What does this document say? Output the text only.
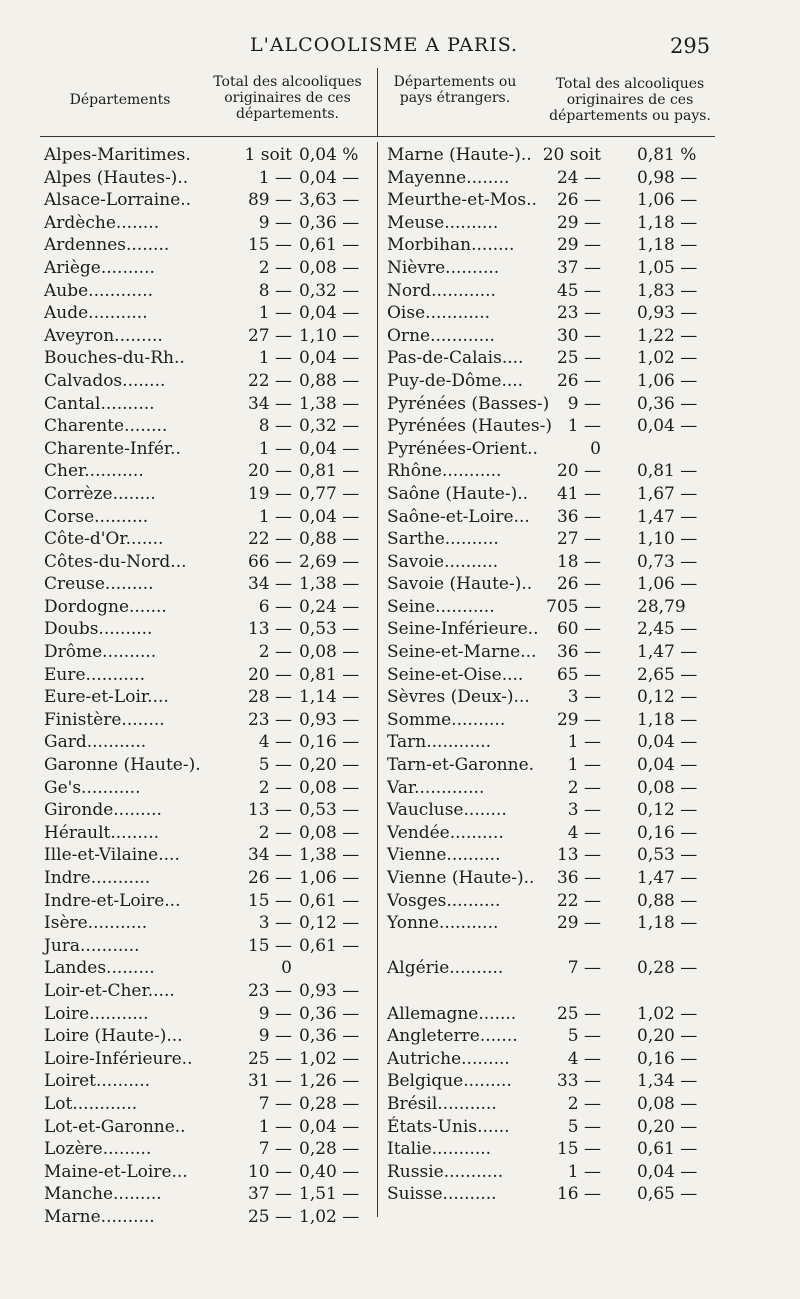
L'ALCOOLISME A PARIS.	295
Départements
Total des alcooliques originaires de ces départements.
Départements ou pays étrangers.
Total des alcooliques originaires de ces départements ou pays.
Alpes-Maritimes.	1 soit 0,04 %
Alpes (Hautes-)..	1 — 0,04 —
Alsace-Lorraine..	89 — 3,63 —
Ardèche........	9 — 0,36 —
Ardennes........	15 — 0,61 —
Ariège..........	2 — 0,08 —
Aube............	8 — 0,32 —
Aude...........	1 — 0,04 —
Aveyron.........	27 — 1,10 —
Bouches-du-Rh..	1 — 0,04 —
Calvados........	22 — 0,88 —
Cantal..........	34 — 1,38 —
Charente........	8 — 0,32 —
Charente-Infér..	1 — 0,04 —
Cher...........	20 — 0,81 —
Corrèze........	19 — 0,77 —
Corse..........	1 — 0,04 —
Côte-d'Or.......	22 — 0,88 —
Côtes-du-Nord...	66 — 2,69 —
Creuse.........	34 — 1,38 —
Dordogne.......	6 — 0,24 —
Doubs..........	13 — 0,53 —
Drôme..........	2 — 0,08 —
Eure...........	20 — 0,81 —
Eure-et-Loir....	28 — 1,14 —
Finistère........	23 — 0,93 —
Gard...........	4 — 0,16 —
Garonne (Haute-).	5 — 0,20 —
Ge's...........	2 — 0,08 —
Gironde.........	13 — 0,53 —
Hérault.........	2 — 0,08 —
Ille-et-Vilaine....	34 — 1,38 —
Indre...........	26 — 1,06 —
Indre-et-Loire...	15 — 0,61 —
Isère...........	3 — 0,12 —
Jura...........	15 — 0,61 —
Landes.........	0
Loir-et-Cher.....	23 — 0,93 —
Loire...........	9 — 0,36 —
Loire (Haute-)...	9 — 0,36 —
Loire-Inférieure..	25 — 1,02 —
Loiret..........	31 — 1,26 —
Lot............	7 — 0,28 —
Lot-et-Garonne..	1 — 0,04 —
Lozère.........	7 — 0,28 —
Maine-et-Loire...	10 — 0,40 —
Manche.........	37 — 1,51 —
Marne..........	25 — 1,02 —
Marne (Haute-).. 20 soit 0,81 %
Mayenne........	24 — 0,98 —
Meurthe-et-Mos.. 26 — 1,06 —
Meuse..........	29 — 1,18 —
Morbihan........	29 — 1,18 —
Nièvre..........	37 — 1,05 —
Nord............	45 — 1,83 —
Oise............	23 — 0,93 —
Orne............	30 — 1,22 —
Pas-de-Calais.... 25 — 1,02 —
Puy-de-Dôme.... 26 — 1,06 —
Pyrénées (Basses-) 9 — 0,36 —
Pyrénées (Hautes-) 1 — 0,04 —
Pyrénées-Orient..	0
Rhône...........	20 — 0,81 —
Saône (Haute-).. 41 — 1,67 —
Saône-et-Loire... 36 — 1,47 —
Sarthe..........	27 — 1,10 —
Savoie..........	18 — 0,73 —
Savoie (Haute-).. 26 — 1,06 —
Seine...........	705 — 28,79
Seine-Inférieure.. 60 — 2,45 —
Seine-et-Marne... 36 — 1,47 —
Seine-et-Oise.... 65 — 2,65 —
Sèvres (Deux-)... 3 — 0,12 —
Somme..........	29 — 1,18 —
Tarn............	1 — 0,04 —
Tarn-et-Garonne. 1 — 0,04 —
Var.............	2 — 0,08 —
Vaucluse........	3 — 0,12 —
Vendée..........	4 — 0,16 —
Vienne..........	13 — 0,53 —
Vienne (Haute-).. 36 — 1,47 —
Vosges..........	22 — 0,88 —
Yonne...........	29 — 1,18 —
Algérie..........	7 — 0,28 —
Allemagne....... 25 — 1,02 —
Angleterre.......	5 — 0,20 —
Autriche.........	4 — 0,16 —
Belgique.........	33 — 1,34 —
Brésil...........	2 — 0,08 —
États-Unis......	5 — 0,20 —
Italie...........	15 — 0,61 —
Russie...........	1 — 0,04 —
Suisse..........	16 — 0,65 —
